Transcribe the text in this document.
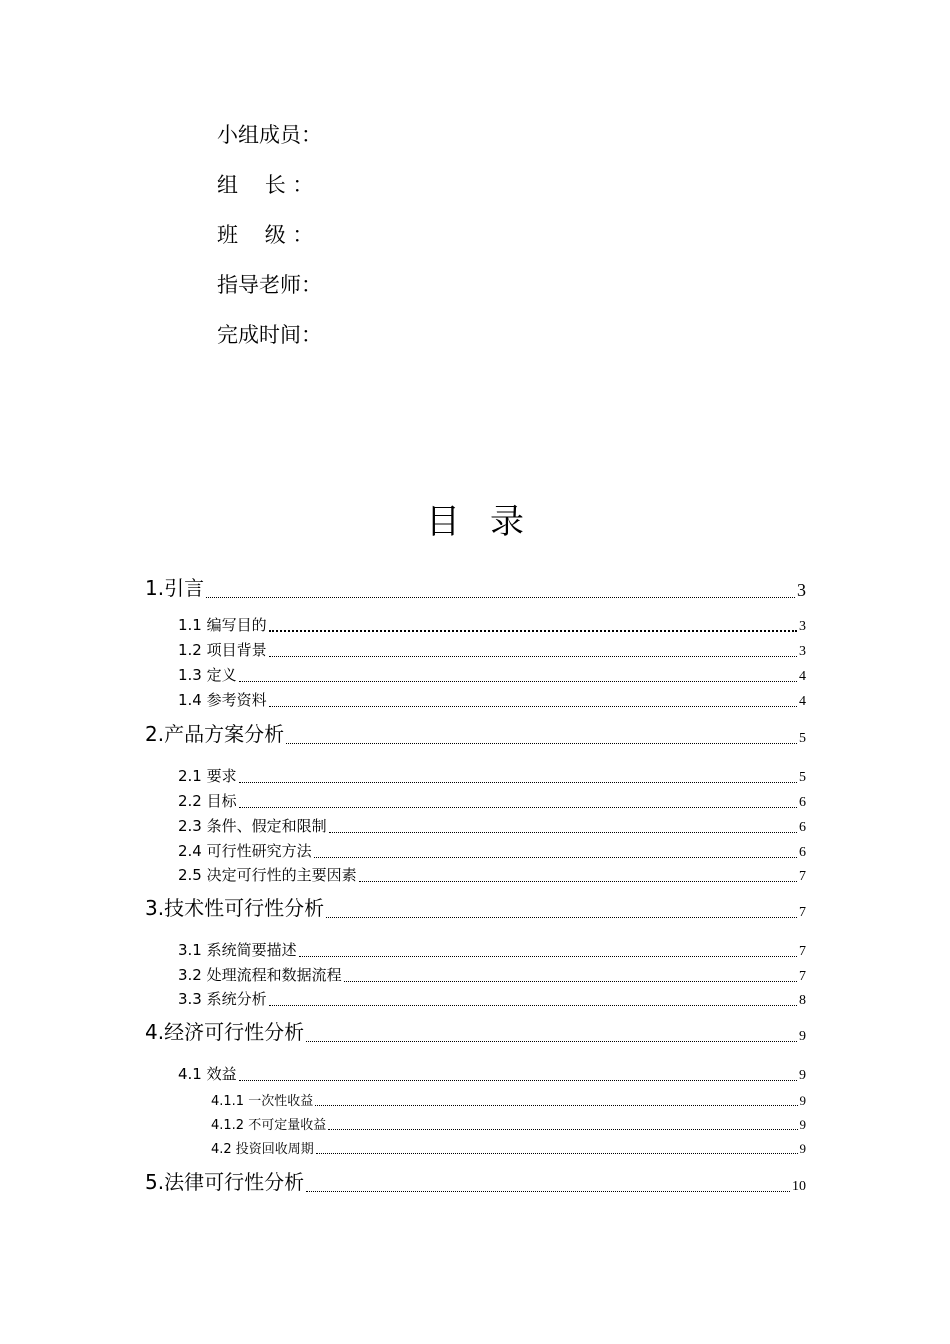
小组成员：
组    长 ：
班    级 ：
指导老师：
完成时间：
目录
1.引言	3
1.1 编写目的	3
1.2 项目背景	3
1.3 定义	4
1.4 参考资料	4
2.产品方案分析	5
2.1 要求	5
2.2 目标	6
2.3 条件、假定和限制	6
2.4 可行性研究方法	6
2.5 决定可行性的主要因素	7
3.技术性可行性分析	7
3.1 系统简要描述	7
3.2 处理流程和数据流程	7
3.3 系统分析	8
4.经济可行性分析	9
4.1 效益	9
4.1.1 一次性收益	9
4.1.2 不可定量收益	9
4.2 投资回收周期	9
5.法律可行性分析	10
